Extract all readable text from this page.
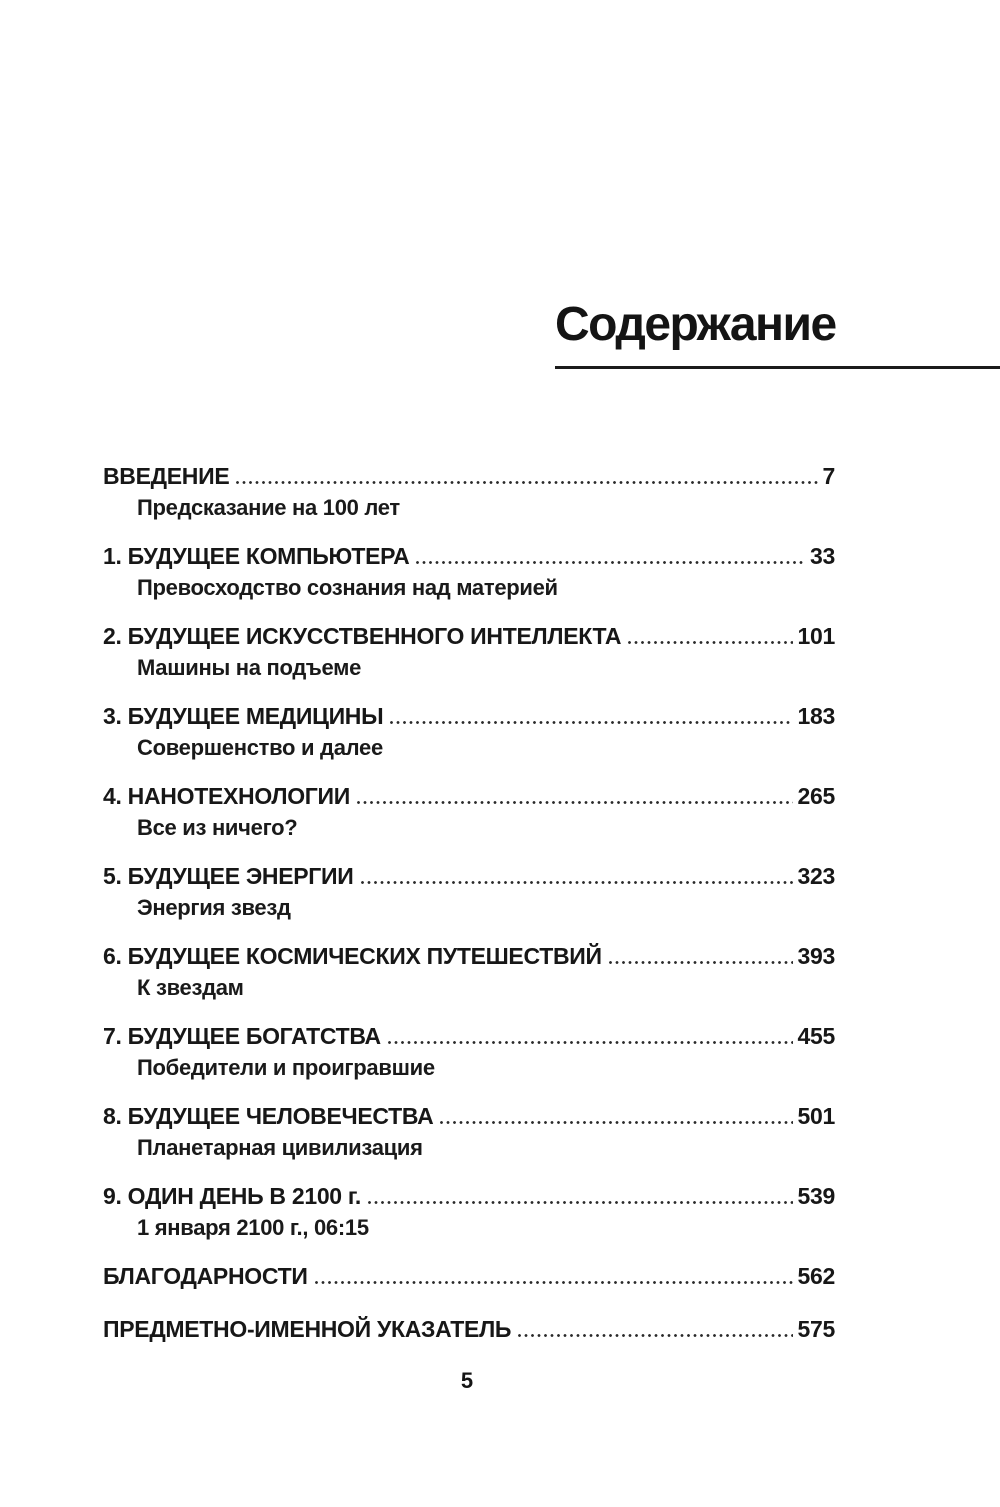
Содержание
ВВЕДЕНИЕ	7
Предсказание на 100 лет
1. БУДУЩЕЕ КОМПЬЮТЕРА	33
Превосходство сознания над материей
2. БУДУЩЕЕ ИСКУССТВЕННОГО ИНТЕЛЛЕКТА	101
Машины на подъеме
3. БУДУЩЕЕ МЕДИЦИНЫ	183
Совершенство и далее
4. НАНОТЕХНОЛОГИИ	265
Все из ничего?
5. БУДУЩЕЕ ЭНЕРГИИ	323
Энергия звезд
6. БУДУЩЕЕ КОСМИЧЕСКИХ ПУТЕШЕСТВИЙ	393
К звездам
7. БУДУЩЕЕ БОГАТСТВА	455
Победители и проигравшие
8. БУДУЩЕЕ ЧЕЛОВЕЧЕСТВА	501
Планетарная цивилизация
9. ОДИН ДЕНЬ В 2100 г.	539
1 января 2100 г., 06:15
БЛАГОДАРНОСТИ	562
ПРЕДМЕТНО-ИМЕННОЙ УКАЗАТЕЛЬ	575
5
